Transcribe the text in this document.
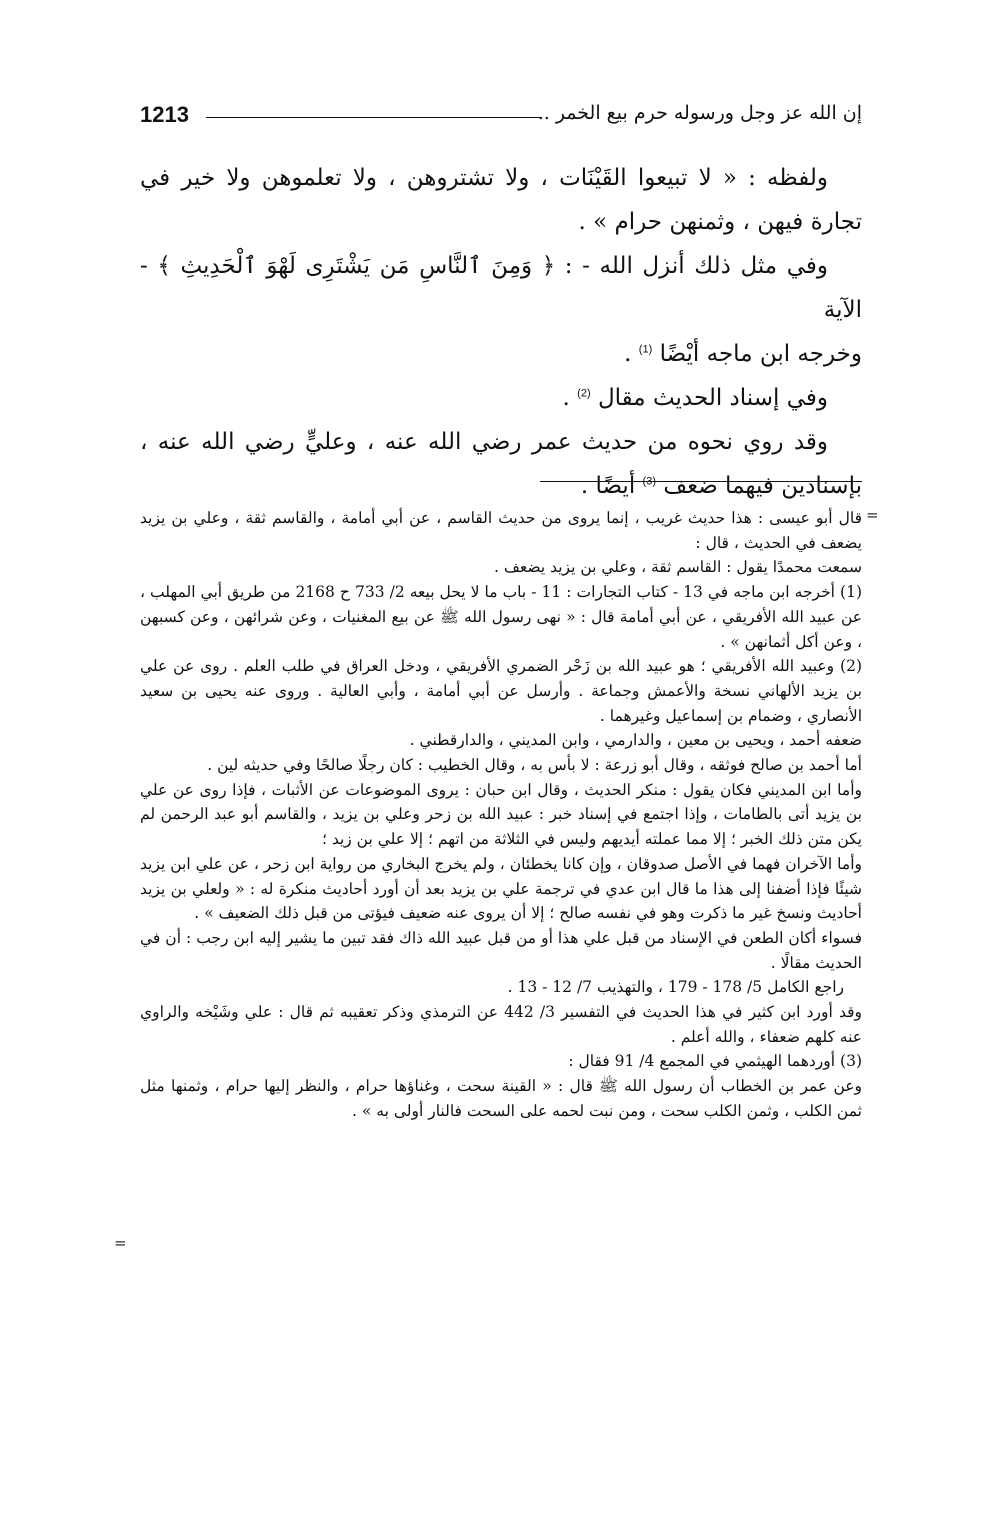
1213	إن الله عز وجل ورسوله حرم بيع الخمر ..

ولفظه : « لا تبيعوا القَيْنَات ، ولا تشتروهن ، ولا تعلموهن ولا خير في تجارة فيهن ، وثمنهن حرام » .

وفي مثل ذلك أنزل الله - : ﴿ وَمِنَ ٱلنَّاسِ مَن يَشْتَرِى لَهْوَ ٱلْحَدِيثِ ﴾ - الآية

وخرجه ابن ماجه أيْضًا $^{(1)}$ .

وفي إسناد الحديث مقال $^{(2)}$ .

وقد روي نحوه من حديث عمر رضي الله عنه ، وعليٍّ رضي الله عنه ، بإسنادين فيهما ضعف $^{(3)}$ أيضًا .

=

قال أبو عيسى : هذا حديث غريب ، إنما يروى من حديث القاسم ، عن أبي أمامة ، والقاسم ثقة ، وعلي بن يزيد يضعف في الحديث ، قال :

سمعت محمدًا يقول : القاسم ثقة ، وعلي بن يزيد يضعف .

(1) أخرجه ابن ماجه في 13 - كتاب التجارات : 11 - باب ما لا يحل بيعه 2/ 733 ح 2168 من طريق أبي المهلب ، عن عبيد الله الأفريقي ، عن أبي أمامة قال : « نهى رسول الله ﷺ عن بيع المغنيات ، وعن شرائهن ، وعن كسبهن ، وعن أكل أثمانهن » .

(2) وعبيد الله الأفريقي ؛ هو عبيد الله بن زَحْر الضمري الأفريقي ، ودخل العراق في طلب العلم . روى عن علي بن يزيد الألهاني نسخة والأعمش وجماعة . وأرسل عن أبي أمامة ، وأبي العالية . وروى عنه يحيى بن سعيد الأنصاري ، وضمام بن إسماعيل وغيرهما .

ضعفه أحمد ، ويحيى بن معين ، والدارمي ، وابن المديني ، والدارقطني .

أما أحمد بن صالح فوثقه ، وقال أبو زرعة : لا بأس به ، وقال الخطيب : كان رجلًا صالحًا وفي حديثه لين .

وأما ابن المديني فكان يقول : منكر الحديث ، وقال ابن حبان : يروى الموضوعات عن الأثبات ، فإذا روى عن علي بن يزيد أتى بالطامات ، وإذا اجتمع في إسناد خبر : عبيد الله بن زحر وعلي بن يزيد ، والقاسم أبو عبد الرحمن لم يكن متن ذلك الخبر ؛ إلا مما عملته أيديهم وليس في الثلاثة من اتهم ؛ إلا علي بن زيد ؛

وأما الآخران فهما في الأصل صدوقان ، وإن كانا يخطئان ، ولم يخرج البخاري من رواية ابن زحر ، عن علي ابن يزيد شيئًا فإذا أضفنا إلى هذا ما قال ابن عدي في ترجمة علي بن يزيد بعد أن أورد أحاديث منكرة له : « ولعلي بن يزيد أحاديث ونسخ غير ما ذكرت وهو في نفسه صالح ؛ إلا أن يروى عنه ضعيف فيؤتى من قبل ذلك الضعيف » .

فسواء أكان الطعن في الإسناد من قبل علي هذا أو من قبل عبيد الله ذاك فقد تبين ما يشير إليه ابن رجب : أن في الحديث مقالًا .

راجع الكامل 5/ 178 - 179 ، والتهذيب 7/ 12 - 13 .

وقد أورد ابن كثير في هذا الحديث في التفسير 3/ 442 عن الترمذي وذكر تعقيبه ثم قال : علي وشَيْخه والراوي عنه كلهم ضعفاء ، والله أعلم .

(3) أوردهما الهيثمي في المجمع 4/ 91 فقال :

وعن عمر بن الخطاب أن رسول الله ﷺ قال : « القينة سحت ، وغناؤها حرام ، والنظر إليها حرام ، وثمنها مثل ثمن الكلب ، وثمن الكلب سحت ، ومن نبت لحمه على السحت فالنار أولى به » .

=
